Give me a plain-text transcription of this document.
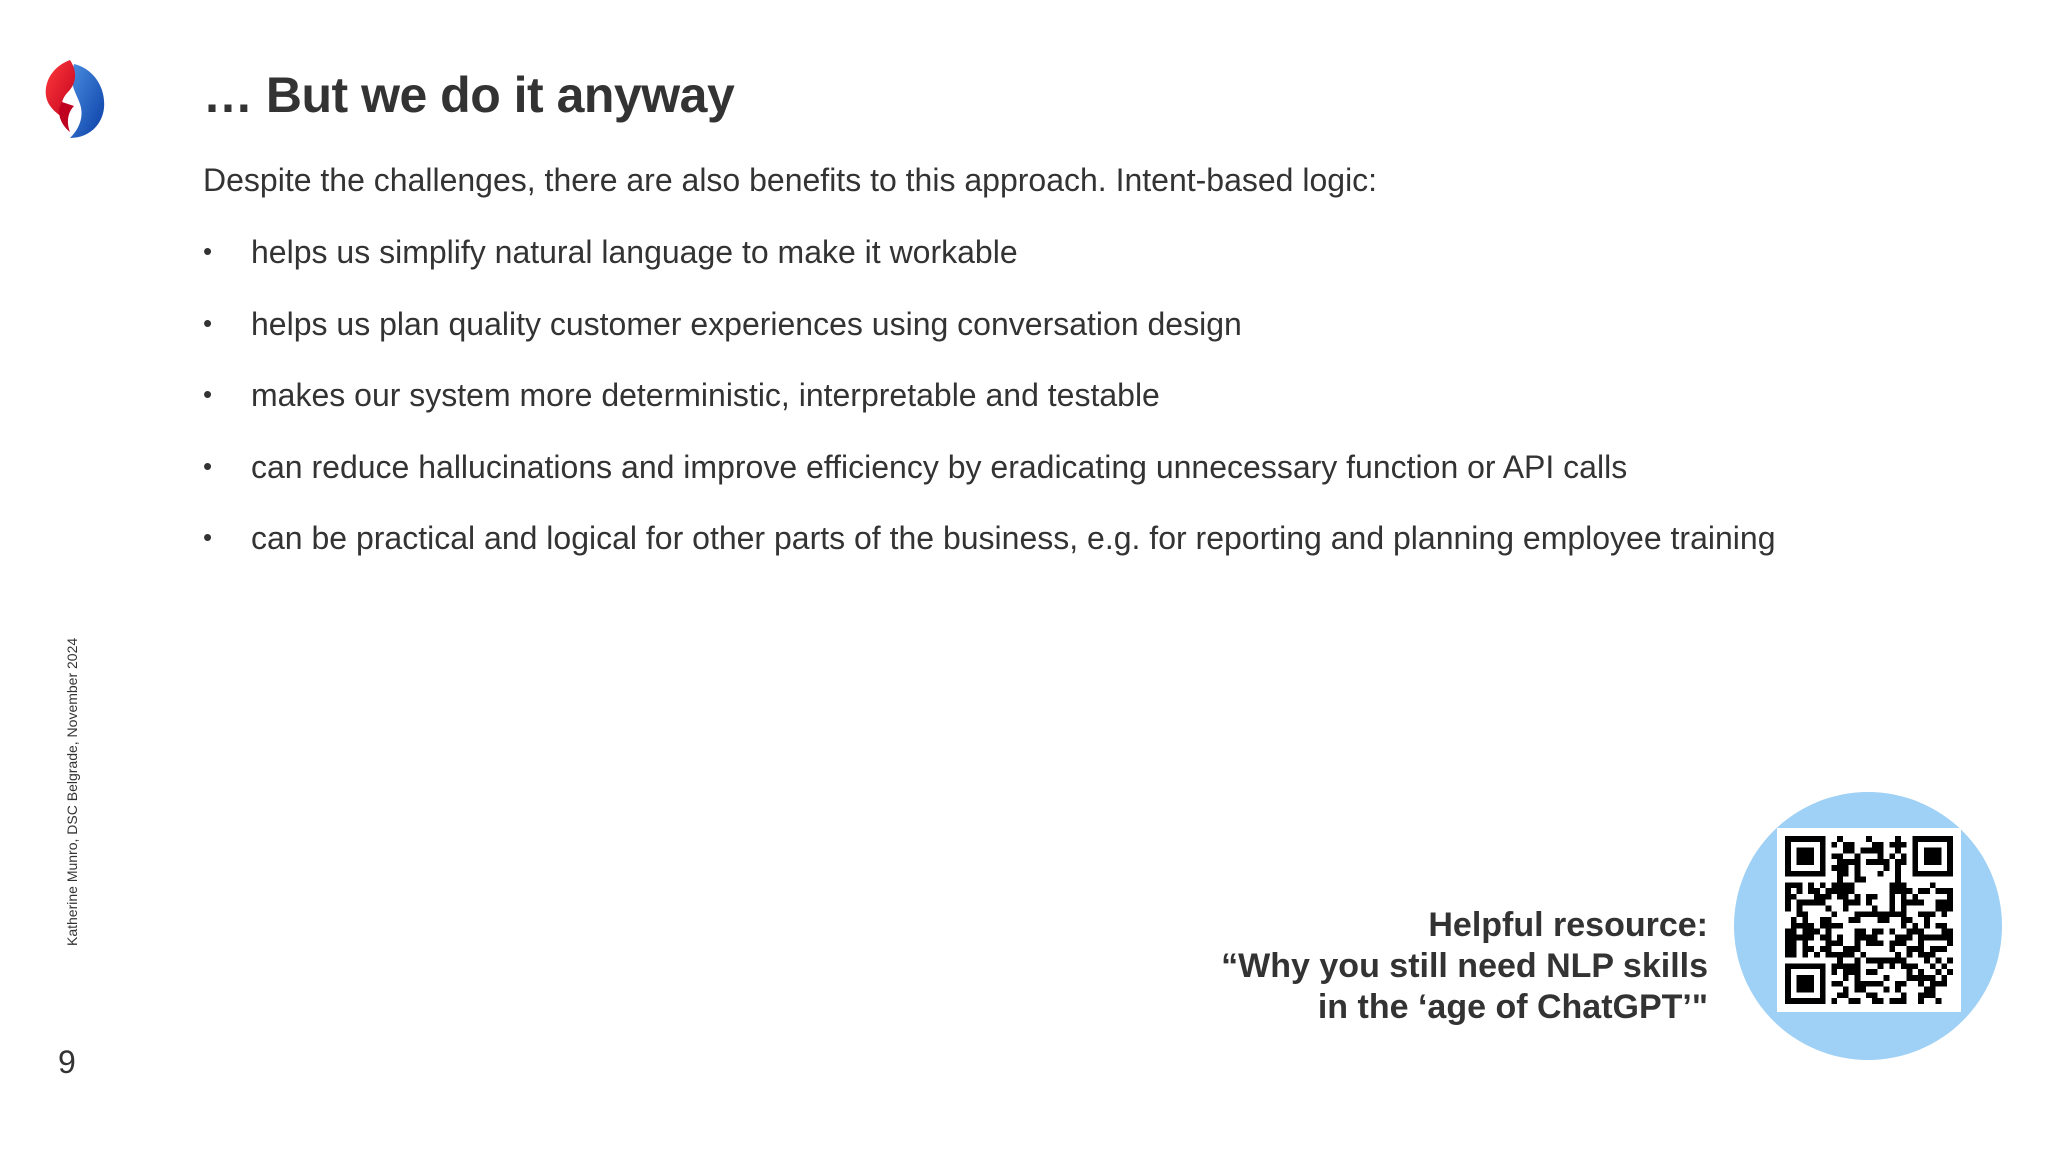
… But we do it anyway

Despite the challenges, there are also benefits to this approach. Intent-based logic:

• helps us simplify natural language to make it workable
• helps us plan quality customer experiences using conversation design
• makes our system more deterministic, interpretable and testable
• can reduce hallucinations and improve efficiency by eradicating unnecessary function or API calls
• can be practical and logical for other parts of the business, e.g. for reporting and planning employee training
Katherine Munro, DSC Belgrade, November 2024
9
Helpful resource:
“Why you still need NLP skills
in the ‘age of ChatGPT’"
